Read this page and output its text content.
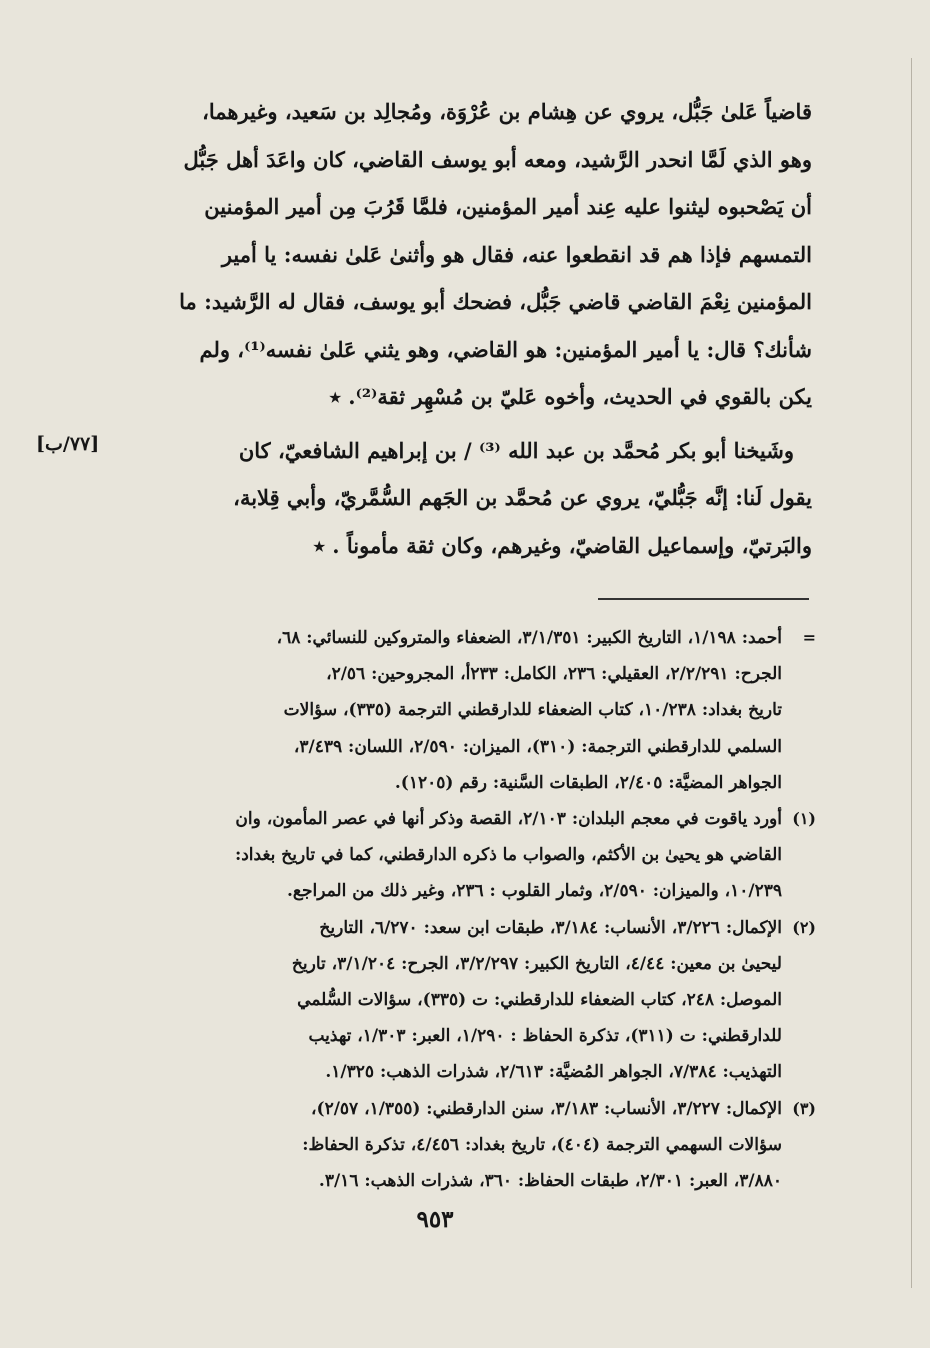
قاضياً عَلىٰ جَبُّل، يروي عن هِشام بن عُرْوَة، ومُجالِد بن سَعيد، وغيرهما،
وهو الذي لَمَّا انحدر الرَّشيد، ومعه أبو يوسف القاضي، كان واعَدَ أهل جَبُّل
أن يَصْحبوه ليثنوا عليه عِند أمير المؤمنين، فلمَّا قَرُبَ مِن أمير المؤمنين
التمسهم فإذا هم قد انقطعوا عنه، فقال هو وأثنىٰ عَلىٰ نفسه: يا أمير
المؤمنين نِعْمَ القاضي قاضي جَبُّل، فضحك أبو يوسف، فقال له الرَّشيد: ما
شأنك؟ قال: يا أمير المؤمنين: هو القاضي، وهو يثني عَلىٰ نفسه⁽¹⁾، ولم
يكن بالقوي في الحديث، وأخوه عَليّ بن مُسْهِر ثقة⁽²⁾. ٭

وشَيخنا أبو بكر مُحمَّد بن عبد الله ⁽³⁾ / بن إبراهيم الشافعيّ، كان
يقول لَنا: إنَّه جَبُّليّ، يروي عن مُحمَّد بن الجَهم السُّمَّريّ، وأبي قِلابة،
والبَرتيّ، وإسماعيل القاضيّ، وغيرهم، وكان ثقة مأموناً . ٭

[٧٧/ب]
=
أحمد: ١/١٩٨، التاريخ الكبير: ٣/١/٣٥١، الضعفاء والمتروكين للنسائي: ٦٨،
الجرح: ٢/٢/٢٩١، العقيلي: ٢٣٦، الكامل: ٢٣٣أ، المجروحين: ٢/٥٦،
تاريخ بغداد: ١٠/٢٣٨، كتاب الضعفاء للدارقطني الترجمة (٣٣٥)، سؤالات
السلمي للدارقطني الترجمة: (٣١٠)، الميزان: ٢/٥٩٠، اللسان: ٣/٤٣٩،
الجواهر المضيَّة: ٢/٤٠٥، الطبقات السَّنية: رقم (١٢٠٥).
(١)
أورد ياقوت في معجم البلدان: ٢/١٠٣، القصة وذكر أنها في عصر المأمون، وان
القاضي هو يحيىٰ بن الأكثم، والصواب ما ذكره الدارقطني، كما في تاريخ بغداد:
١٠/٢٣٩، والميزان: ٢/٥٩٠، وثمار القلوب : ٢٣٦، وغير ذلك من المراجع.
(٢)
الإكمال: ٣/٢٢٦، الأنساب: ٣/١٨٤، طبقات ابن سعد: ٦/٢٧٠، التاريخ
ليحيىٰ بن معين: ٤/٤٤، التاريخ الكبير: ٣/٢/٢٩٧، الجرح: ٣/١/٢٠٤، تاريخ
الموصل: ٢٤٨، كتاب الضعفاء للدارقطني: ت (٣٣٥)، سؤالات السُّلمي
للدارقطني: ت (٣١١)، تذكرة الحفاظ : ١/٢٩٠، العبر: ١/٣٠٣، تهذيب
التهذيب: ٧/٣٨٤، الجواهر المُضيَّة: ٢/٦١٣، شذرات الذهب: ١/٣٢٥.
(٣)
الإكمال: ٣/٢٢٧، الأنساب: ٣/١٨٣، سنن الدارقطني: (١/٣٥٥، ٢/٥٧)،
سؤالات السهمي الترجمة (٤٠٤)، تاريخ بغداد: ٤/٤٥٦، تذكرة الحفاظ:
٣/٨٨٠، العبر: ٢/٣٠١، طبقات الحفاظ: ٣٦٠، شذرات الذهب: ٣/١٦.
٩٥٣
